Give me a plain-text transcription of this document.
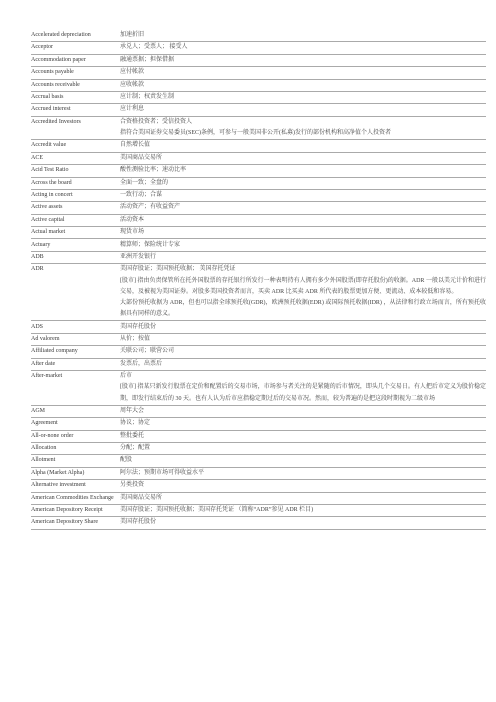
Accelerated depreciation	加速折旧

Acceptor	承兑人；受票人； 接受人

Accommodation paper	融通票据；担保借据

Accounts payable	应付帐款

Accounts receivable	应收帐款

Accrual basis	应计制；权责发生制

Accrued interest	应计利息

Accredited Investors	合资格投资者；受信投资人
指符合美国证券交易委员(SEC)条例，可参与一般美国非公开(私募)发行的部份机构和高净值个人投资者

Accredit value	自然增长值

ACE	美国商品交易所

Acid Test Ratio	酸性测验比率；速动比率

Across the board	全面一致；全盘的

Acting in concert	一致行动；合谋

Active assets	活动资产；有收益资产

Active capital	活动资本

Actual market	现货市场

Actuary	精算师；保险统计专家

ADB	亚洲开发银行

ADR	美国存股证；美国预托收据； 美国存托凭证
[股市] 指由负责保管所在托外国股票的存托银行所发行一种表明持有人拥有多少外国股票(即存托股份)的收据。ADR 一般以美元计价和进行交易，及被视为美国证券。对股多美国投资者而言，买卖 ADR 比买卖 ADR 所代表的股票更加方便、更流动、成本较低和容易。
大部份预托收据为 ADR，但也可以指全球预托收(GDR)，欧洲预托收据(EDR) 或国际预托收据(IDR) ，从法律和行政立场而言，所有预托收据具有同样的意义。

ADS	美国存托股份

Ad valorem	从价；按值

Affiliated company	关联公司；联营公司

After date	发票后，出票后

After-market	后市
[股市] 指某只新发行股票在定价和配置后的交易市场，市场参与者关注的是紧随的后市情况，即头几个交易日。有人把后市定义为股价稳定期，即发行结束后的 30 天。也有人认为后市应指稳定期过后的交易市况。然而，较为普遍的是把这段时期视为二级市场

AGM	周年大会

Agreement	协议；协定

All-or-none order	整批委托

Allocation	分配；配置

Allotment	配股

Alpha (Market Alpha)	阿尔法；预期市场可得收益水平

Alternative investment	另类投资

American Commodities Exchange	美国商品交易所

American Depository Receipt	美国存股证；美国预托收据；美国存托凭证 （简称“ADR”参见 ADR 栏目)

American Depository Share	美国存托股份
